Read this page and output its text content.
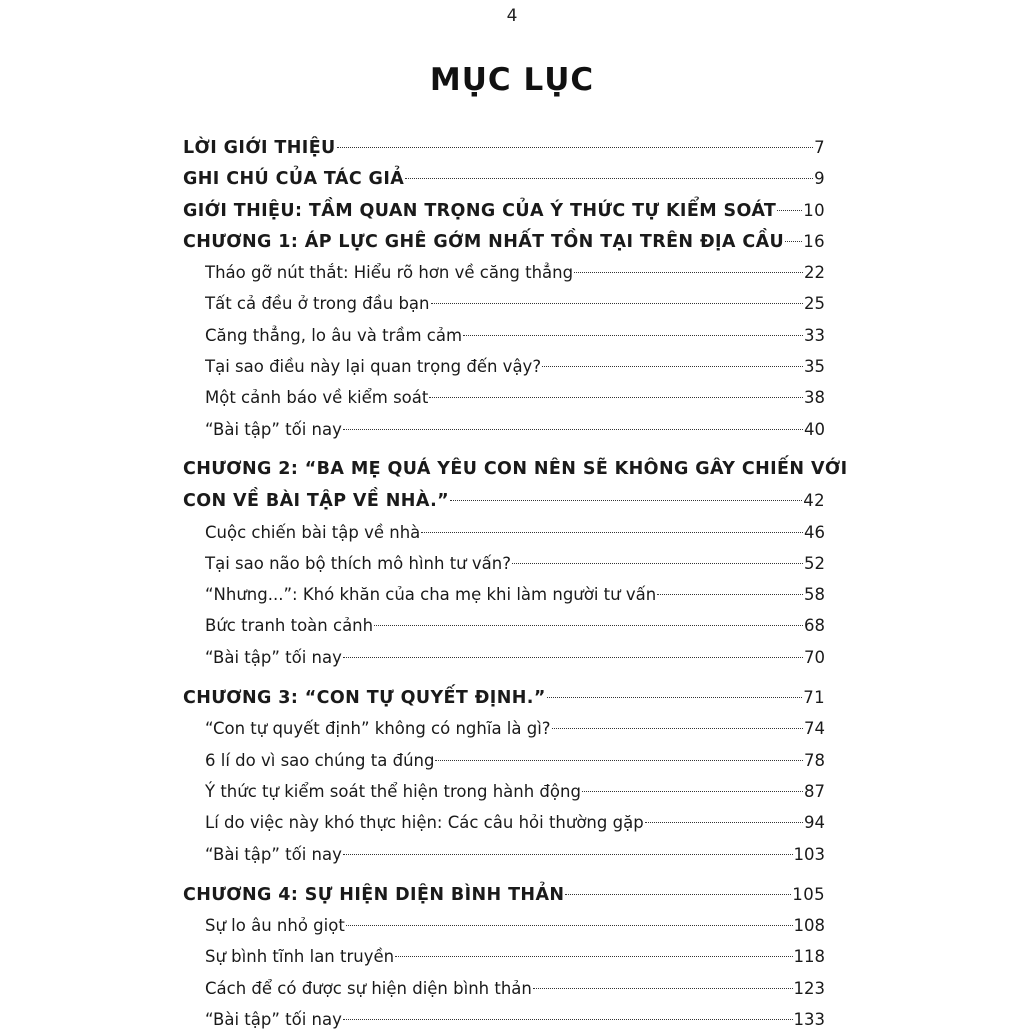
4
MỤC LỤC
LỜI GIỚI THIỆU	7
GHI CHÚ CỦA TÁC GIẢ	9
GIỚI THIỆU: TẦM QUAN TRỌNG CỦA Ý THỨC TỰ KIỂM SOÁT 10
CHƯƠNG 1: ÁP LỰC GHÊ GỚM NHẤT TỒN TẠI TRÊN ĐỊA CẦU 16
Tháo gỡ nút thắt: Hiểu rõ hơn về căng thẳng	22
Tất cả đều ở trong đầu bạn	25
Căng thẳng, lo âu và trầm cảm	33
Tại sao điều này lại quan trọng đến vậy?	35
Một cảnh báo về kiểm soát	38
“Bài tập” tối nay	40
CHƯƠNG 2: “BA MẸ QUÁ YÊU CON NÊN SẼ KHÔNG GÂY CHIẾN VỚI
CON VỀ BÀI TẬP VỀ NHÀ.”	42
Cuộc chiến bài tập về nhà	46
Tại sao não bộ thích mô hình tư vấn?	52
“Nhưng...”: Khó khăn của cha mẹ khi làm người tư vấn	58
Bức tranh toàn cảnh	68
“Bài tập” tối nay	70
CHƯƠNG 3: “CON TỰ QUYẾT ĐỊNH.”	71
“Con tự quyết định” không có nghĩa là gì?	74
6 lí do vì sao chúng ta đúng	78
Ý thức tự kiểm soát thể hiện trong hành động	87
Lí do việc này khó thực hiện: Các câu hỏi thường gặp	94
“Bài tập” tối nay	103
CHƯƠNG 4: SỰ HIỆN DIỆN BÌNH THẢN	105
Sự lo âu nhỏ giọt	108
Sự bình tĩnh lan truyền	118
Cách để có được sự hiện diện bình thản	123
“Bài tập” tối nay	133
